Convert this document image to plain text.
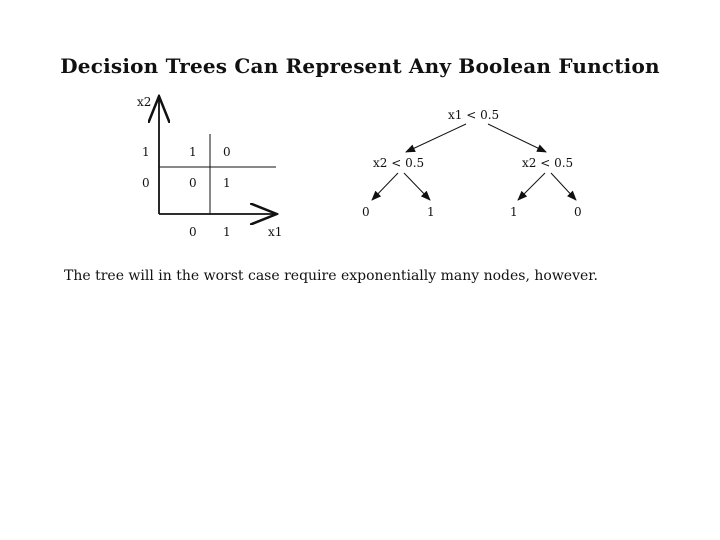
Decision Trees Can Represent Any Boolean Function
x2
x1
1
0
0 1
1 0
0 1
x1 < 0.5
x2 < 0.5	x2 < 0.5
0	1	1	0
The tree will in the worst case require exponentially many nodes, however.
